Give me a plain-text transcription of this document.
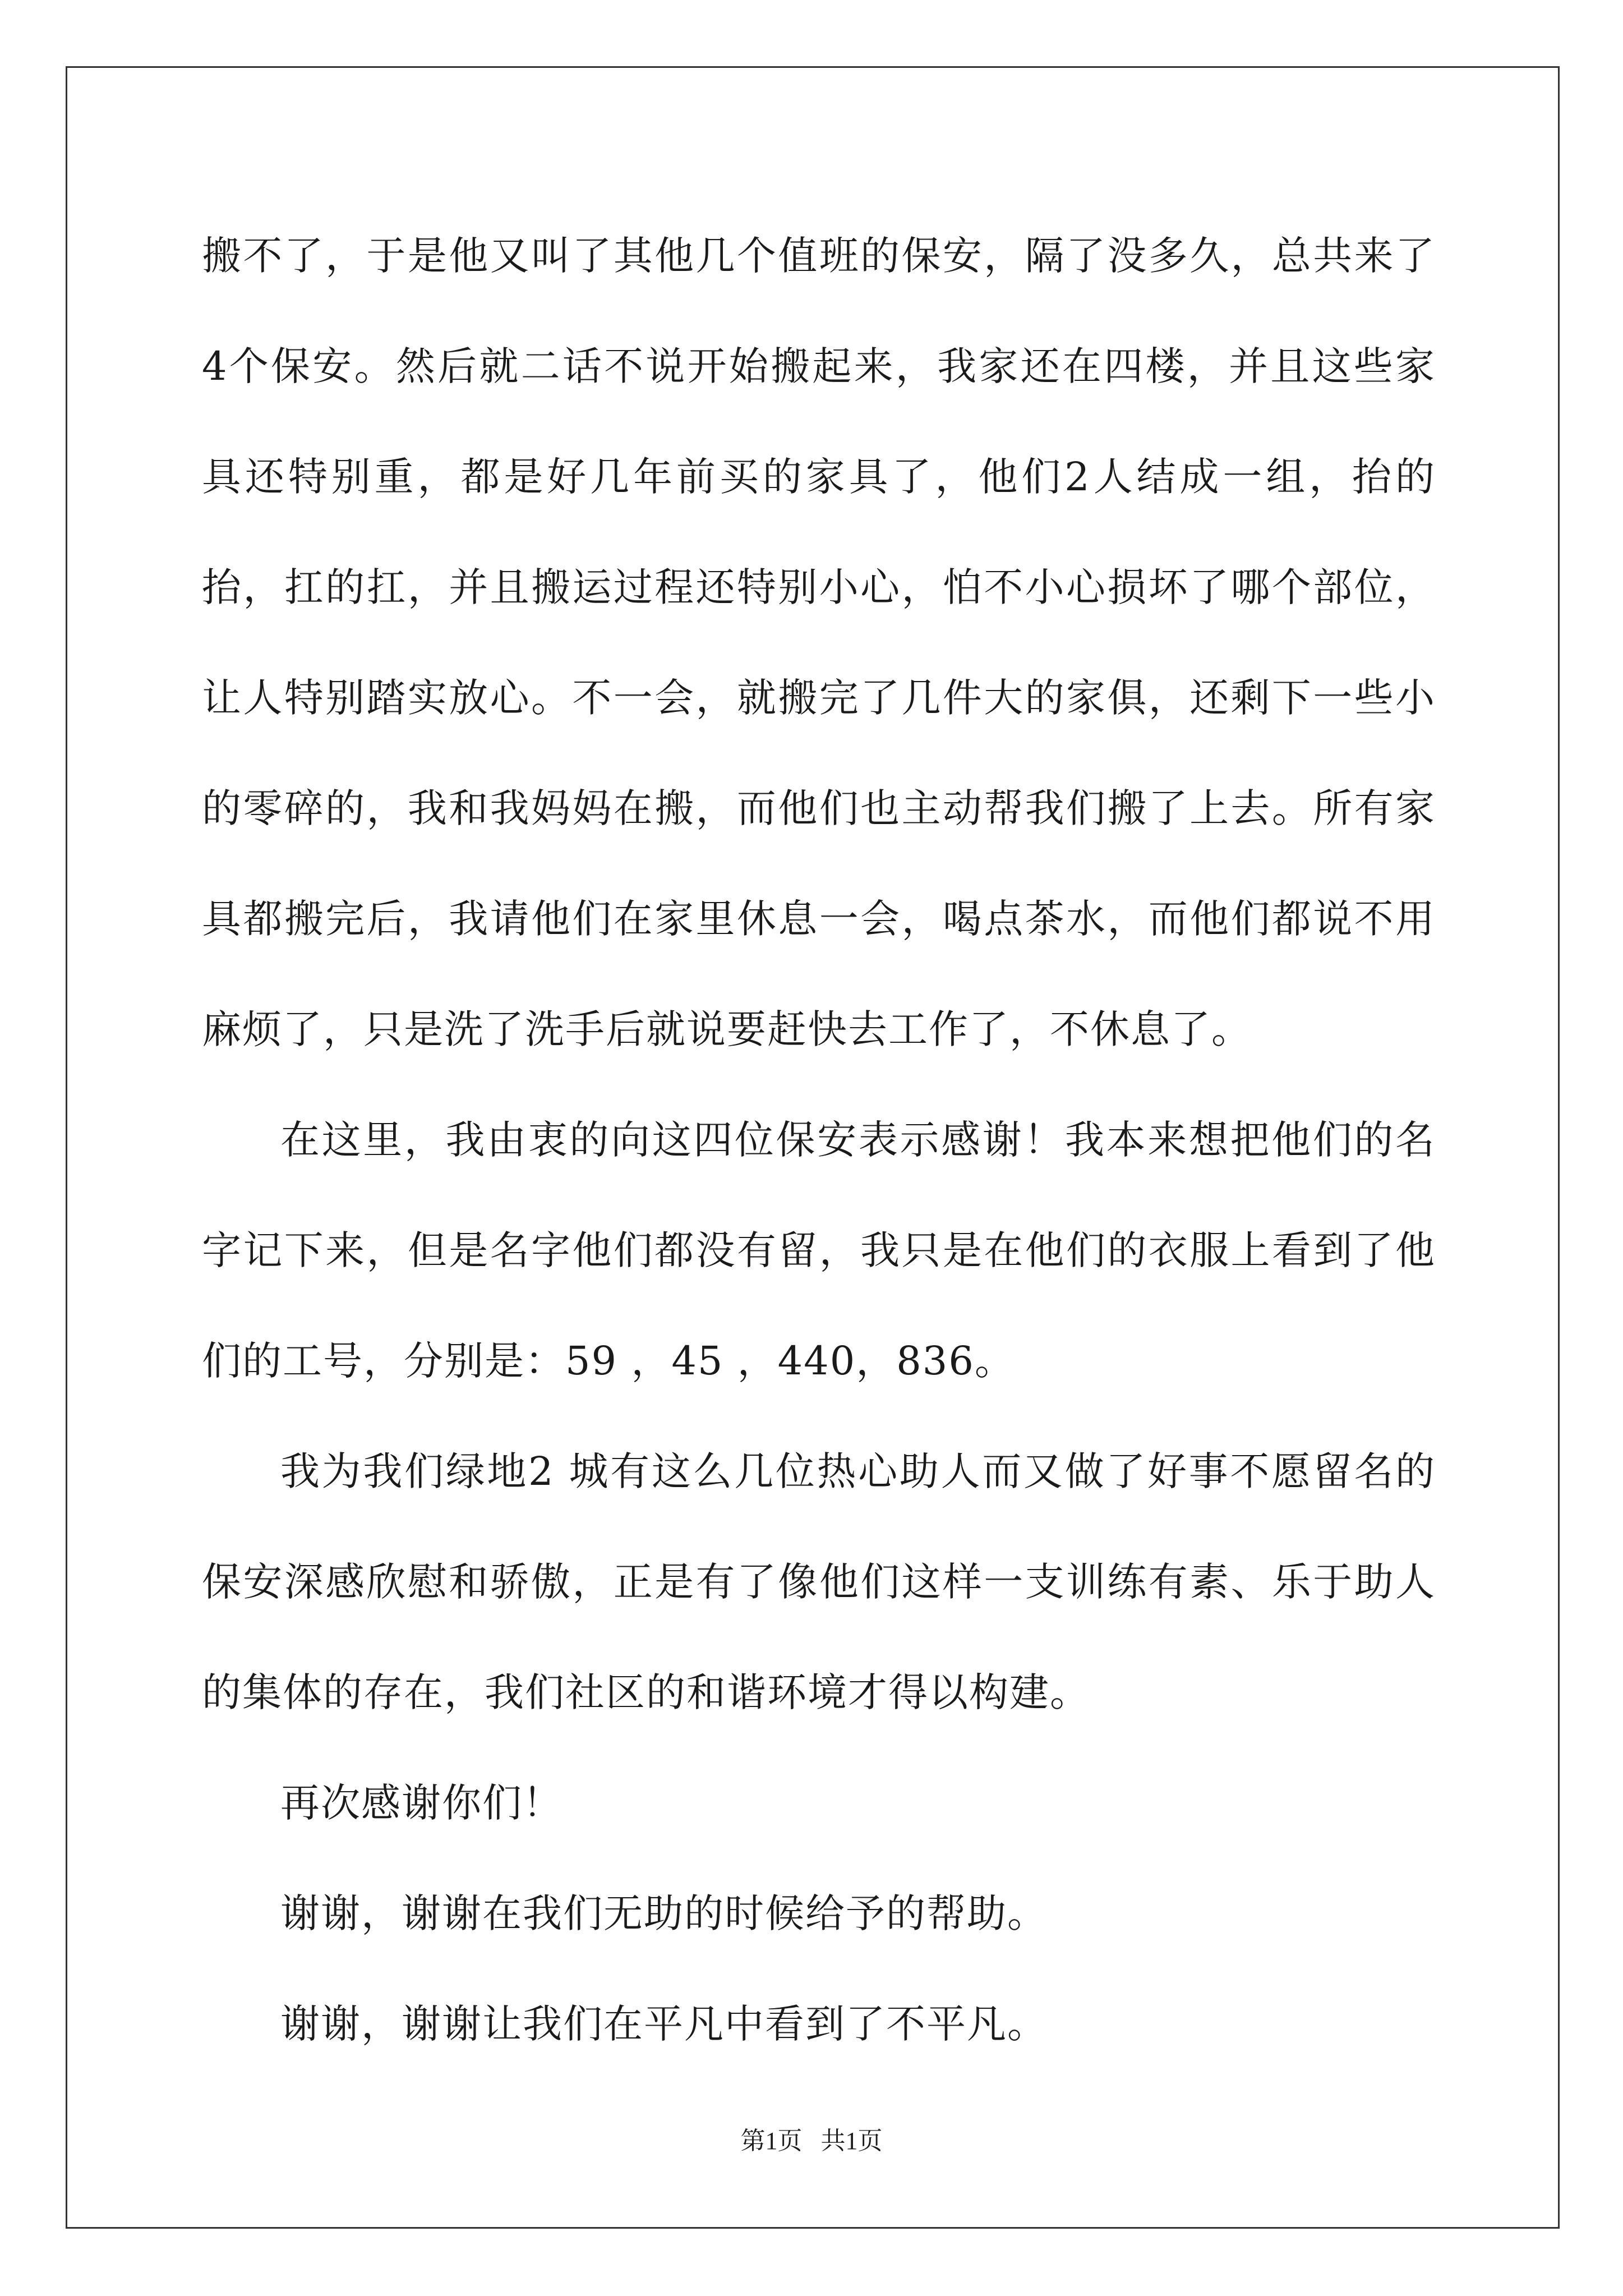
搬不了，于是他又叫了其他几个值班的保安，隔了没多久，总共来了4个保安。然后就二话不说开始搬起来，我家还在四楼，并且这些家具还特别重，都是好几年前买的家具了，他们2人结成一组，抬的抬，扛的扛，并且搬运过程还特别小心，怕不小心损坏了哪个部位，让人特别踏实放心。不一会，就搬完了几件大的家俱，还剩下一些小的零碎的，我和我妈妈在搬，而他们也主动帮我们搬了上去。所有家具都搬完后，我请他们在家里休息一会，喝点茶水，而他们都说不用麻烦了，只是洗了洗手后就说要赶快去工作了，不休息了。

在这里，我由衷的向这四位保安表示感谢！我本来想把他们的名字记下来，但是名字他们都没有留，我只是在他们的衣服上看到了他们的工号，分别是：59 ，45 ，440，836。

我为我们绿地2 城有这么几位热心助人而又做了好事不愿留名的保安深感欣慰和骄傲，正是有了像他们这样一支训练有素、乐于助人的集体的存在，我们社区的和谐环境才得以构建。

再次感谢你们！

谢谢，谢谢在我们无助的时候给予的帮助。

谢谢，谢谢让我们在平凡中看到了不平凡。

第1页   共1页
